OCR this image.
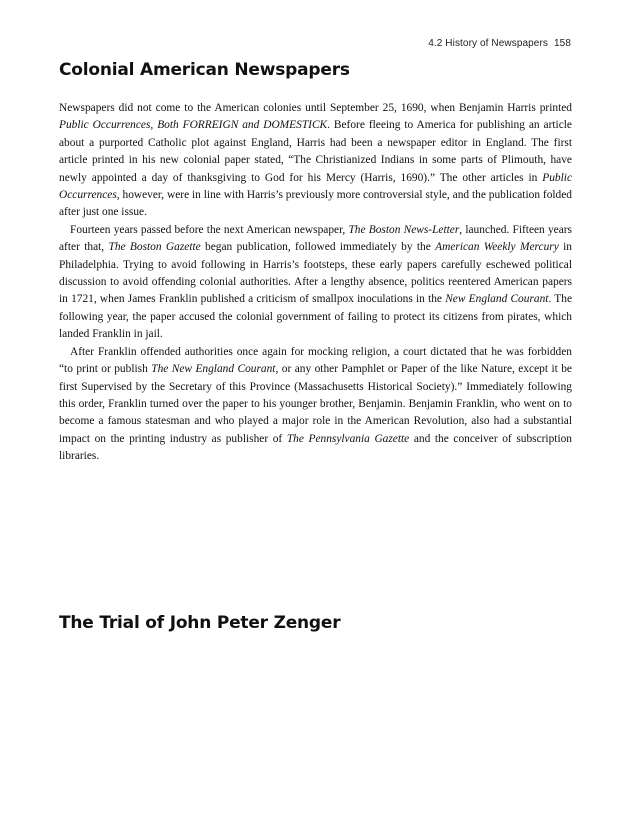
4.2 History of Newspapers 158
Colonial American Newspapers

Newspapers did not come to the American colonies until September 25, 1690, when Benjamin Harris printed Public Occurrences, Both FORREIGN and DOMESTICK. Before fleeing to America for publishing an article about a purported Catholic plot against England, Harris had been a newspaper editor in England. The first article printed in his new colonial paper stated, “The Christianized Indians in some parts of Plimouth, have newly appointed a day of thanksgiving to God for his Mercy (Harris, 1690).” The other articles in Public Occurrences, however, were in line with Harris’s previously more controversial style, and the publication folded after just one issue.

Fourteen years passed before the next American newspaper, The Boston News-Letter, launched. Fifteen years after that, The Boston Gazette began publication, followed immediately by the American Weekly Mercury in Philadelphia. Trying to avoid following in Harris’s footsteps, these early papers carefully eschewed political discussion to avoid offending colonial authorities. After a lengthy absence, politics reentered American papers in 1721, when James Franklin published a criticism of smallpox inoculations in the New England Courant. The following year, the paper accused the colonial government of failing to protect its citizens from pirates, which landed Franklin in jail.

After Franklin offended authorities once again for mocking religion, a court dictated that he was forbidden “to print or publish The New England Courant, or any other Pamphlet or Paper of the like Nature, except it be first Supervised by the Secretary of this Province (Massachusetts Historical Society).” Immediately following this order, Franklin turned over the paper to his younger brother, Benjamin. Benjamin Franklin, who went on to become a famous statesman and who played a major role in the American Revolution, also had a substantial impact on the printing industry as publisher of The Pennsylvania Gazette and the conceiver of subscription libraries.

The Trial of John Peter Zenger
